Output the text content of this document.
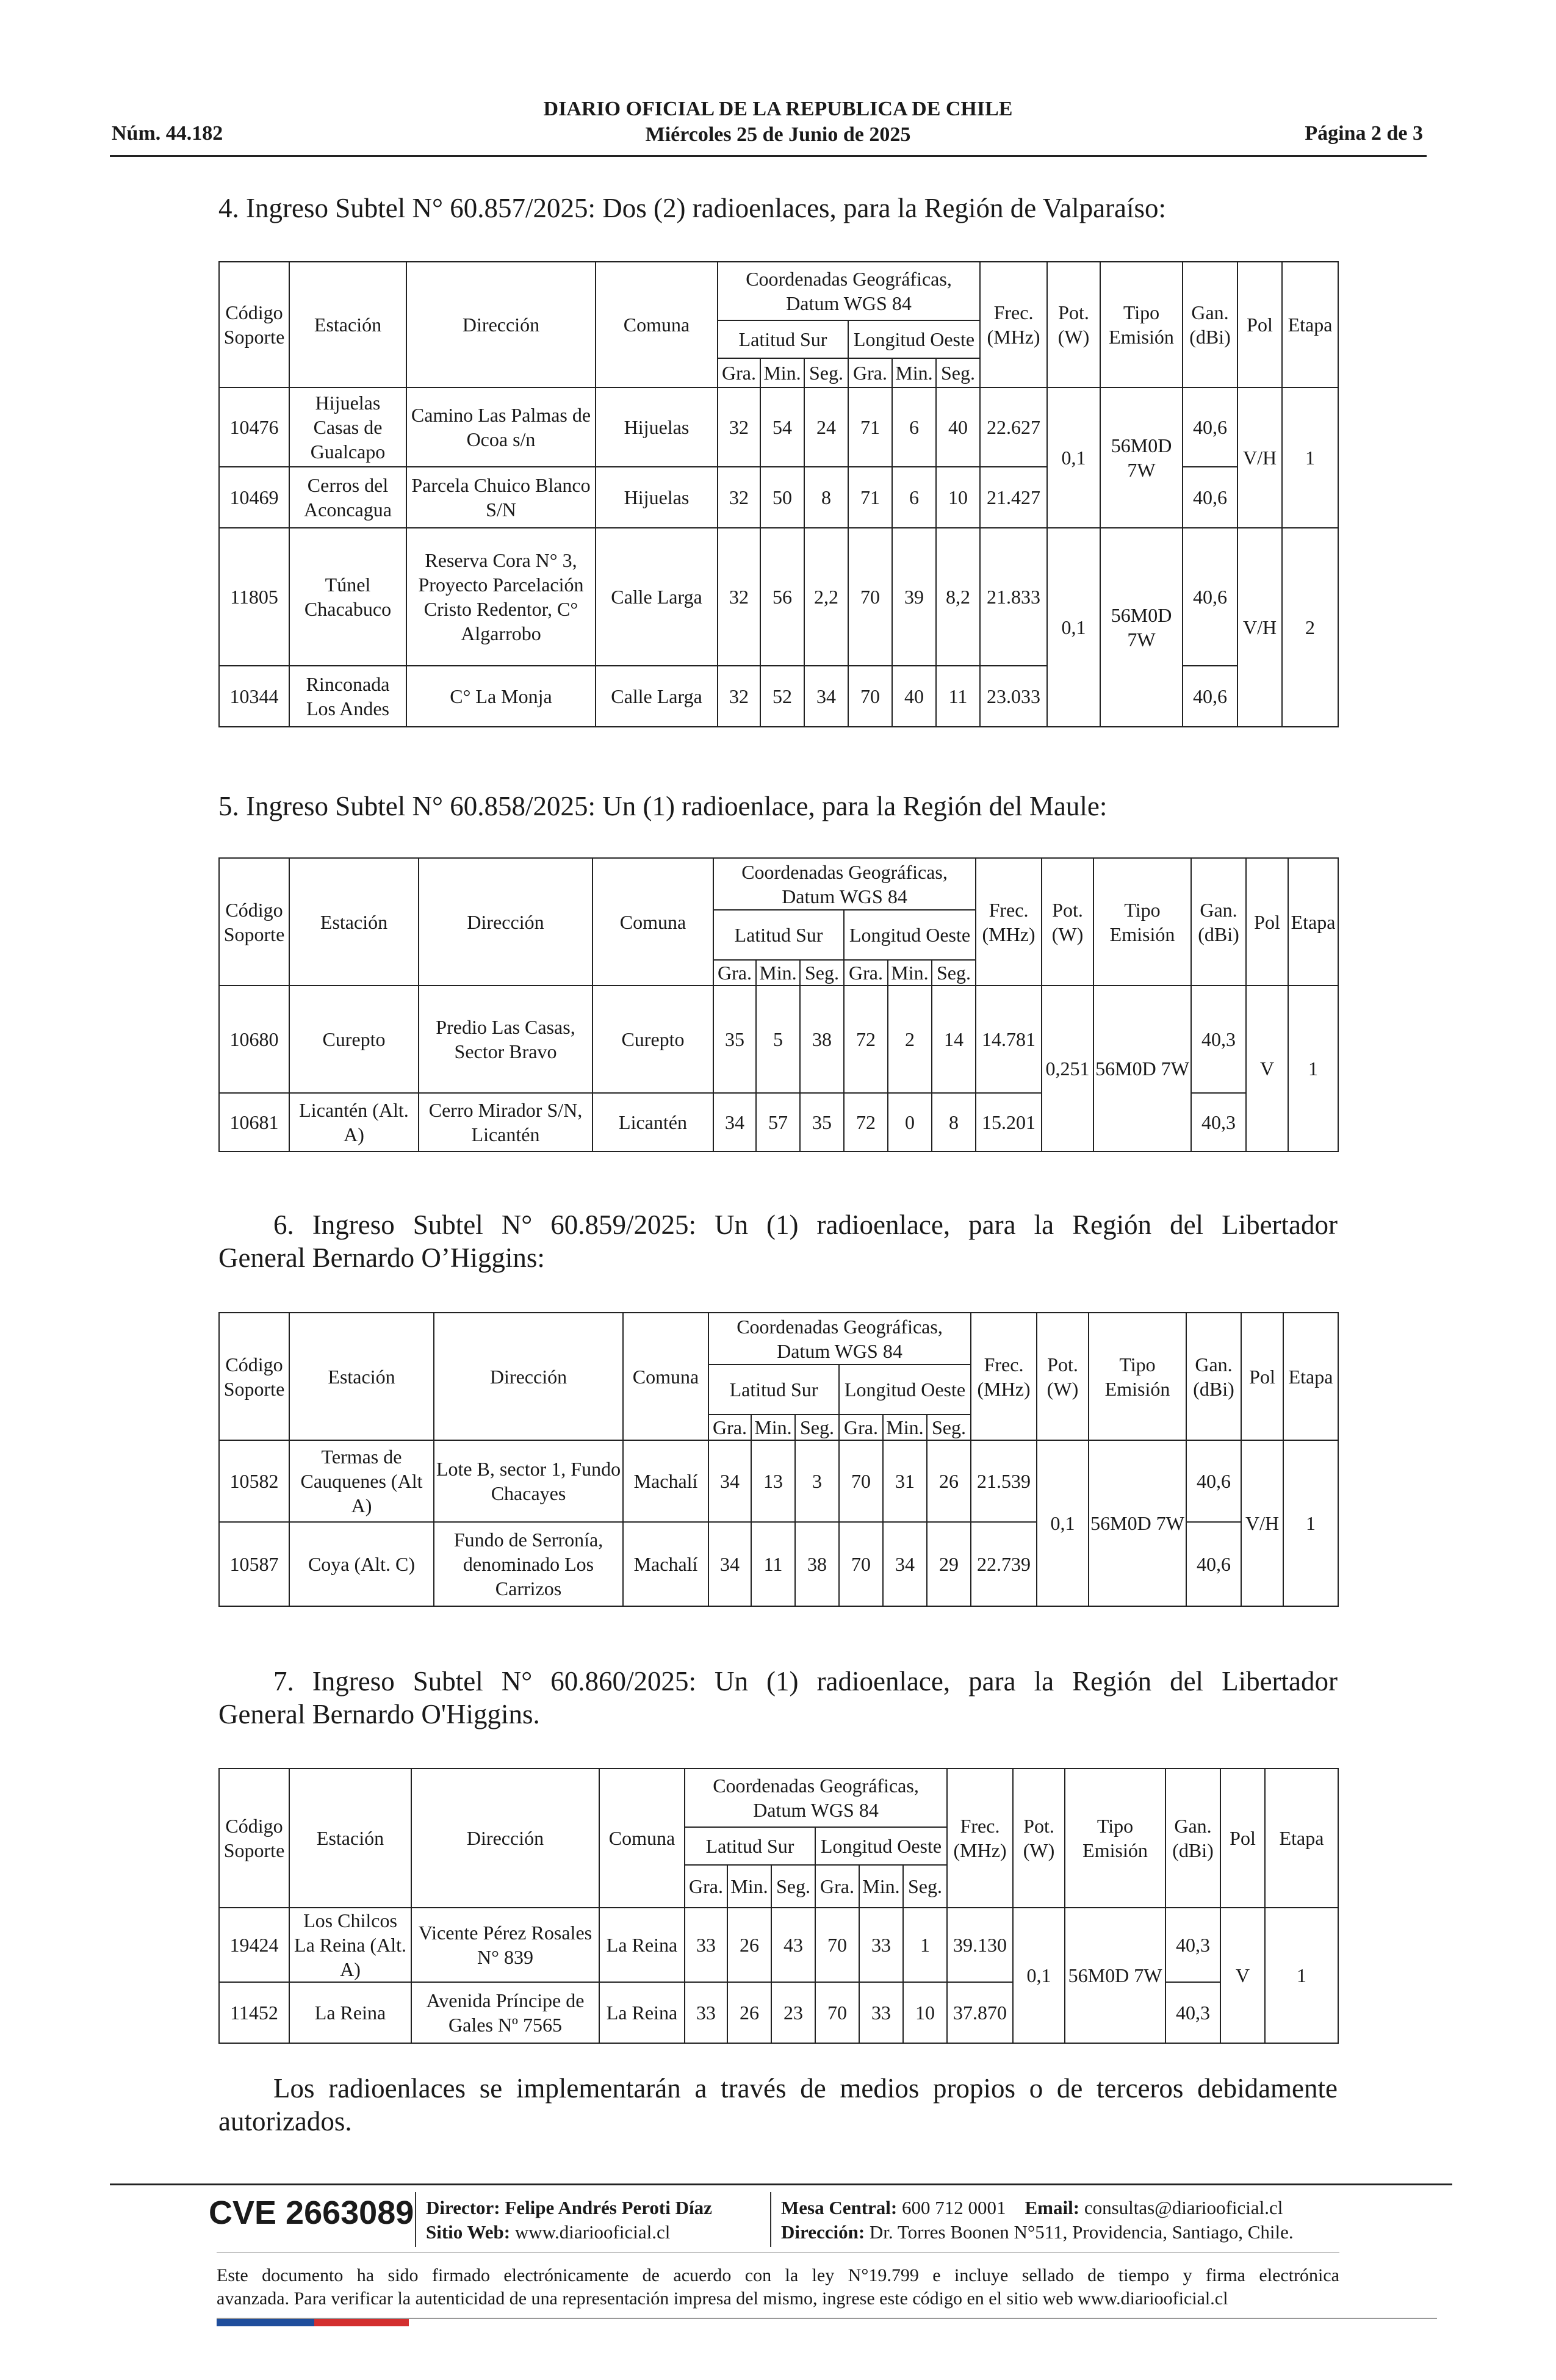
Núm. 44.182
DIARIO OFICIAL DE LA REPUBLICA DE CHILE
Miércoles 25 de Junio de 2025	Página 2 de 3
4. Ingreso Subtel N° 60.857/2025: Dos (2) radioenlaces, para la Región de Valparaíso:
Código Soporte	Estación	Dirección	Comuna	Coordenadas Geográficas, Datum WGS 84						Frec. (MHz)	Pot. (W)	Tipo Emisión	Gan. (dBi)	Pol	Etapa
				Latitud Sur			Longitud Oeste								
				Gra.	Min.	Seg.	Gra.	Min.	Seg.						
10476	Hijuelas Casas de Gualcapo	Camino Las Palmas de Ocoa s/n	Hijuelas	32	54	24	71	6	40	22.627	0,1	56M0D 7W	40,6	V/H	1
10469	Cerros del Aconcagua	Parcela Chuico Blanco S/N	Hijuelas	32	50	8	71	6	10	21.427			40,6		
11805	Túnel Chacabuco	Reserva Cora N° 3, Proyecto Parcelación Cristo Redentor, C° Algarrobo	Calle Larga	32	56	2,2	70	39	8,2	21.833	0,1	56M0D 7W	40,6	V/H	2
10344	Rinconada Los Andes	C° La Monja	Calle Larga	32	52	34	70	40	11	23.033			40,6		
5. Ingreso Subtel N° 60.858/2025: Un (1) radioenlace, para la Región del Maule:
Código Soporte	Estación	Dirección	Comuna	Coordenadas Geográficas, Datum WGS 84						Frec. (MHz)	Pot. (W)	Tipo Emisión	Gan. (dBi)	Pol	Etapa
				Latitud Sur			Longitud Oeste								
				Gra.	Min.	Seg.	Gra.	Min.	Seg.						
10680	Curepto	Predio Las Casas, Sector Bravo	Curepto	35	5	38	72	2	14	14.781	0,251	56M0D 7W	40,3	V	1
10681	Licantén (Alt. A)	Cerro Mirador S/N, Licantén	Licantén	34	57	35	72	0	8	15.201			40,3		
6. Ingreso Subtel N° 60.859/2025: Un (1) radioenlace, para la Región del Libertador
General Bernardo O’Higgins:
Código Soporte	Estación	Dirección	Comuna	Coordenadas Geográficas, Datum WGS 84						Frec. (MHz)	Pot. (W)	Tipo Emisión	Gan. (dBi)	Pol	Etapa
				Latitud Sur			Longitud Oeste								
				Gra.	Min.	Seg.	Gra.	Min.	Seg.						
10582	Termas de Cauquenes (Alt A)	Lote B, sector 1, Fundo Chacayes	Machalí	34	13	3	70	31	26	21.539	0,1	56M0D 7W	40,6	V/H	1
10587	Coya (Alt. C)	Fundo de Serronía, denominado Los Carrizos	Machalí	34	11	38	70	34	29	22.739			40,6		
7. Ingreso Subtel N° 60.860/2025: Un (1) radioenlace, para la Región del Libertador
General Bernardo O'Higgins.
Código Soporte	Estación	Dirección	Comuna	Coordenadas Geográficas, Datum WGS 84						Frec. (MHz)	Pot. (W)	Tipo Emisión	Gan. (dBi)	Pol	Etapa
				Latitud Sur			Longitud Oeste								
				Gra.	Min.	Seg.	Gra.	Min.	Seg.						
19424	Los Chilcos La Reina (Alt. A)	Vicente Pérez Rosales N° 839	La Reina	33	26	43	70	33	1	39.130	0,1	56M0D 7W	40,3	V	1
11452	La Reina	Avenida Príncipe de Gales Nº 7565	La Reina	33	26	23	70	33	10	37.870			40,3		
Los radioenlaces se implementarán a través de medios propios o de terceros debidamente
autorizados.
CVE 2663089 Director: Felipe Andrés Peroti Díaz
Sitio Web: www.diariooficial.cl
Mesa Central: 600 712 0001 Email: consultas@diariooficial.cl
Dirección: Dr. Torres Boonen N°511, Providencia, Santiago, Chile.
Este documento ha sido firmado electrónicamente de acuerdo con la ley N°19.799 e incluye sellado de tiempo y firma electrónica
avanzada. Para verificar la autenticidad de una representación impresa del mismo, ingrese este código en el sitio web www.diariooficial.cl
